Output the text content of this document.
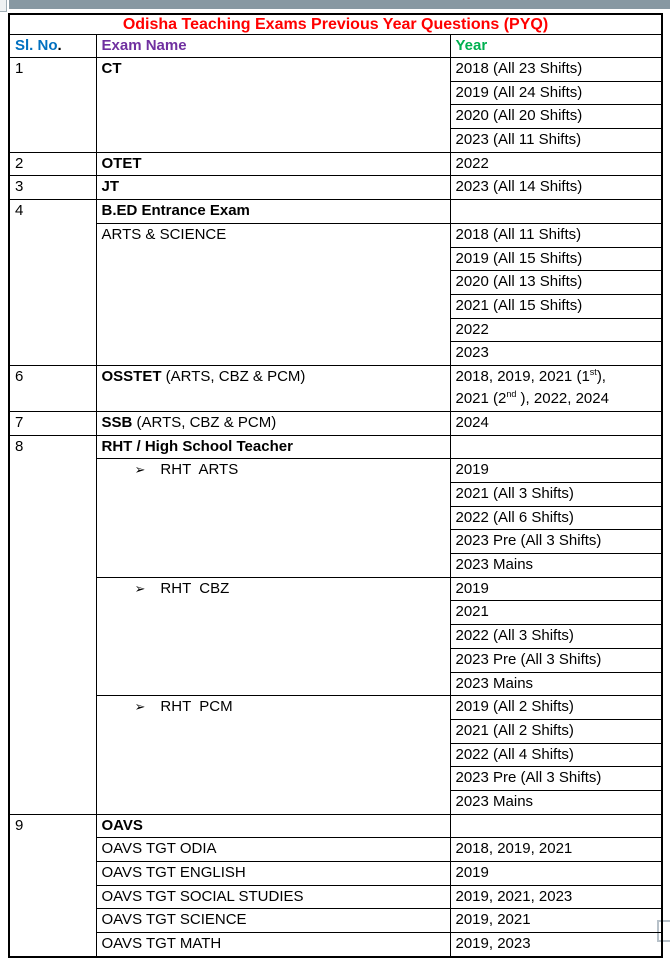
Odisha Teaching Exams Previous Year Questions (PYQ)		
Sl. No.	Exam Name	Year
1	CT	2018 (All 23 Shifts)
		2019 (All 24 Shifts)
		2020 (All 20 Shifts)
		2023 (All 11 Shifts)
2	OTET	2022
3	JT	2023 (All 14 Shifts)
4	B.ED Entrance Exam	
	ARTS & SCIENCE	2018 (All 11 Shifts)
		2019 (All 15 Shifts)
		2020 (All 13 Shifts)
		2021 (All 15 Shifts)
		2022
		2023
6	OSSTET (ARTS, CBZ & PCM)	2018, 2019, 2021 (1st),
2021 (2nd ), 2022, 2024
7	SSB (ARTS, CBZ & PCM)	2024
8	RHT / High School Teacher	
	➢ RHT  ARTS	2019
		2021 (All 3 Shifts)
		2022 (All 6 Shifts)
		2023 Pre (All 3 Shifts)
		2023 Mains
	➢ RHT  CBZ	2019
		2021
		2022 (All 3 Shifts)
		2023 Pre (All 3 Shifts)
		2023 Mains
	➢ RHT  PCM	2019 (All 2 Shifts)
		2021 (All 2 Shifts)
		2022 (All 4 Shifts)
		2023 Pre (All 3 Shifts)
		2023 Mains
9	OAVS	
	OAVS TGT ODIA	2018, 2019, 2021
	OAVS TGT ENGLISH	2019
	OAVS TGT SOCIAL STUDIES	2019, 2021, 2023
	OAVS TGT SCIENCE	2019, 2021
	OAVS TGT MATH	2019, 2023
